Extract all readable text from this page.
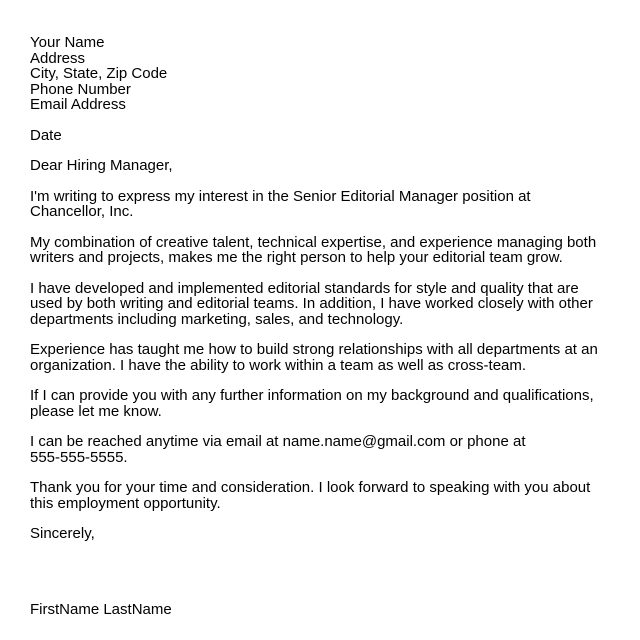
Your Name
Address
City, State, Zip Code
Phone Number
Email Address
Date
Dear Hiring Manager,
I'm writing to express my interest in the Senior Editorial Manager position at
Chancellor, Inc.
My combination of creative talent, technical expertise, and experience managing both
writers and projects, makes me the right person to help your editorial team grow.
I have developed and implemented editorial standards for style and quality that are
used by both writing and editorial teams. In addition, I have worked closely with other
departments including marketing, sales, and technology.
Experience has taught me how to build strong relationships with all departments at an
organization. I have the ability to work within a team as well as cross-team.
If I can provide you with any further information on my background and qualifications,
please let me know.
I can be reached anytime via email at name.name@gmail.com or phone at
555-555-5555.
Thank you for your time and consideration. I look forward to speaking with you about
this employment opportunity.
Sincerely,
FirstName LastName
